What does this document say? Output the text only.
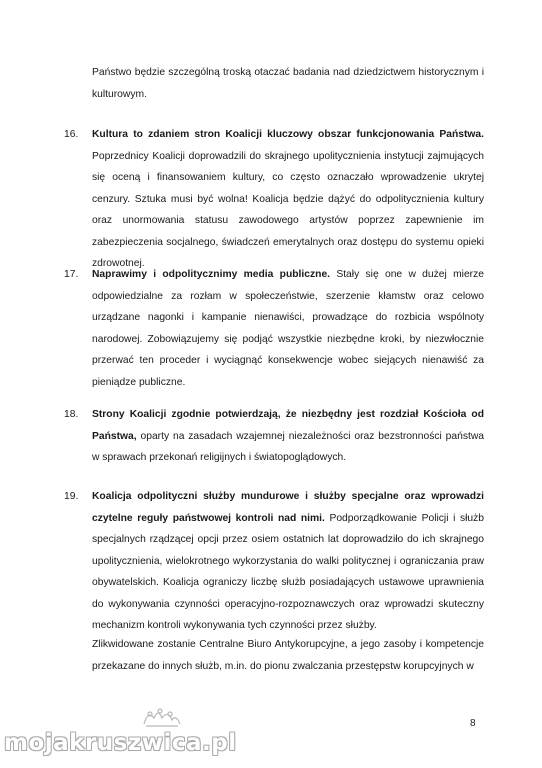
Państwo będzie szczególną troską otaczać badania nad dziedzictwem historycznym i kulturowym.
16.	Kultura to zdaniem stron Koalicji kluczowy obszar funkcjonowania Państwa. Poprzednicy Koalicji doprowadzili do skrajnego upolitycznienia instytucji zajmujących się oceną i finansowaniem kultury, co często oznaczało wprowadzenie ukrytej cenzury. Sztuka musi być wolna! Koalicja będzie dążyć do odpolitycznienia kultury oraz unormowania statusu zawodowego artystów poprzez zapewnienie im zabezpieczenia socjalnego, świadczeń emerytalnych oraz dostępu do systemu opieki zdrowotnej.
17.	Naprawimy i odpolitycznimy media publiczne. Stały się one w dużej mierze odpowiedzialne za rozłam w społeczeństwie, szerzenie kłamstw oraz celowo urządzane nagonki i kampanie nienawiści, prowadzące do rozbicia wspólnoty narodowej. Zobowiązujemy się podjąć wszystkie niezbędne kroki, by niezwłocznie przerwać ten proceder i wyciągnąć konsekwencje wobec siejących nienawiść za pieniądze publiczne.
18.	Strony Koalicji zgodnie potwierdzają, że niezbędny jest rozdział Kościoła od Państwa, oparty na zasadach wzajemnej niezależności oraz bezstronności państwa w sprawach przekonań religijnych i światopoglądowych.
19.	Koalicja odpolityczni służby mundurowe i służby specjalne oraz wprowadzi czytelne reguły państwowej kontroli nad nimi. Podporządkowanie Policji i służb specjalnych rządzącej opcji przez osiem ostatnich lat doprowadziło do ich skrajnego upolitycznienia, wielokrotnego wykorzystania do walki politycznej i ograniczania praw obywatelskich. Koalicja ograniczy liczbę służb posiadających ustawowe uprawnienia do wykonywania czynności operacyjno-rozpoznawczych oraz wprowadzi skuteczny mechanizm kontroli wykonywania tych czynności przez służby.
Zlikwidowane zostanie Centralne Biuro Antykorupcyjne, a jego zasoby i kompetencje przekazane do innych służb, m.in. do pionu zwalczania przestępstw korupcyjnych w
mojakruszwica.pl
8
